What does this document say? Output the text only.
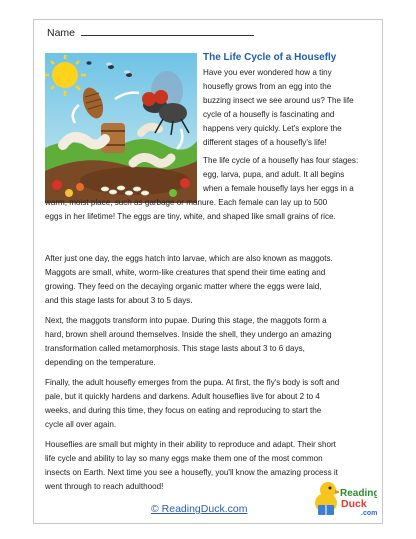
Name
The Life Cycle of a Housefly
Have you ever wondered how a tiny
housefly grows from an egg into the
buzzing insect we see around us? The life
cycle of a housefly is fascinating and
happens very quickly. Let's explore the
different stages of a housefly's life!
The life cycle of a housefly has four stages:
egg, larva, pupa, and adult. It all begins
when a female housefly lays her eggs in a
warm, moist place, such as garbage or manure. Each female can lay up to 500
eggs in her lifetime! The eggs are tiny, white, and shaped like small grains of rice.
After just one day, the eggs hatch into larvae, which are also known as maggots.
Maggots are small, white, worm-like creatures that spend their time eating and
growing. They feed on the decaying organic matter where the eggs were laid,
and this stage lasts for about 3 to 5 days.
Next, the maggots transform into pupae. During this stage, the maggots form a
hard, brown shell around themselves. Inside the shell, they undergo an amazing
transformation called metamorphosis. This stage lasts about 3 to 6 days,
depending on the temperature.
Finally, the adult housefly emerges from the pupa. At first, the fly's body is soft and
pale, but it quickly hardens and darkens. Adult houseflies live for about 2 to 4
weeks, and during this time, they focus on eating and reproducing to start the
cycle all over again.
Houseflies are small but mighty in their ability to reproduce and adapt. Their short
life cycle and ability to lay so many eggs make them one of the most common
insects on Earth. Next time you see a housefly, you'll know the amazing process it
went through to reach adulthood!
© ReadingDuck.com
Reading
Duck
.com
